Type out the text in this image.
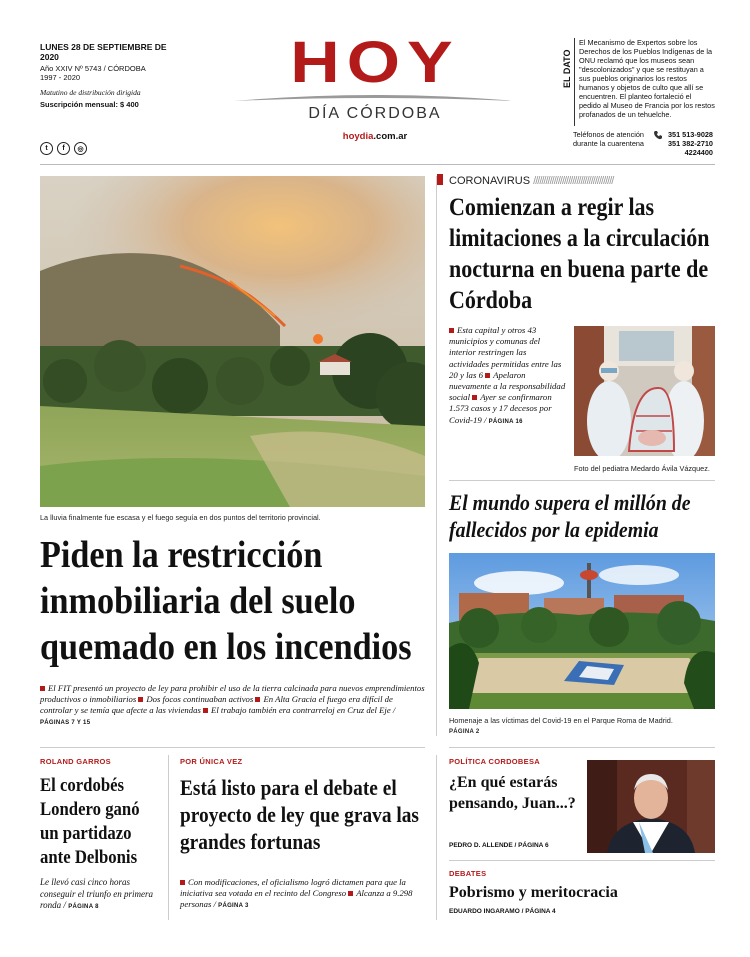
LUNES 28 DE SEPTIEMBRE DE 2020
Año XXIV Nº 5743 / CÓRDOBA
1997 - 2020
Matutino de distribución dirigida
Suscripción mensual: $ 400
t	f	◎
HOY
DÍA CÓRDOBA
hoydia.com.ar
EL DATO
El Mecanismo de Expertos sobre los Derechos de los Pueblos Indígenas de la ONU reclamó que los museos sean "descolonizados" y que se restituyan a sus pueblos originarios los restos humanos y objetos de culto que allí se encuentren. El planteo fortaleció el pedido al Museo de Francia por los restos profanados de un tehuelche.
Teléfonos de atención durante la cuarentena
351 513-9028
351 382-2710
4224400
La lluvia finalmente fue escasa y el fuego seguía en dos puntos del territorio provincial.
Piden la restricción inmobiliaria del suelo quemado en los incendios
El FIT presentó un proyecto de ley para prohibir el uso de la tierra calcinada para nuevos emprendimientos productivos o inmobiliarios Dos focos continuaban activos En Alta Gracia el fuego era difícil de controlar y se temía que afecte a las viviendas El trabajo también era contrarreloj en Cruz del Eje / PÁGINAS 7 Y 15
CORONAVIRUS ///////////////////////////////////////
Comienzan a regir las limitaciones a la circulación nocturna en buena parte de Córdoba
Esta capital y otros 43 municipios y comunas del interior restringen las actividades permitidas entre las 20 y las 6 Apelaron nuevamente a la responsabilidad social Ayer se confirmaron 1.573 casos y 17 decesos por Covid-19 / PÁGINA 16
Foto del pediatra Medardo Ávila Vázquez.
El mundo supera el millón de fallecidos por la epidemia
Homenaje a las víctimas del Covid-19 en el Parque Roma de Madrid.
PÁGINA 2
ROLAND GARROS
El cordobés Londero ganó un partidazo ante Delbonis
Le llevó casi cinco horas conseguir el triunfo en primera ronda / PÁGINA 8
POR ÚNICA VEZ
Está listo para el debate el proyecto de ley que grava las grandes fortunas
Con modificaciones, el oficialismo logró dictamen para que la iniciativa sea votada en el recinto del Congreso Alcanza a 9.298 personas / PÁGINA 3
POLÍTICA CORDOBESA
¿En qué estarás pensando, Juan...?
PEDRO D. ALLENDE / PÁGINA 6
DEBATES
Pobrismo y meritocracia
EDUARDO INGARAMO / PÁGINA 4
